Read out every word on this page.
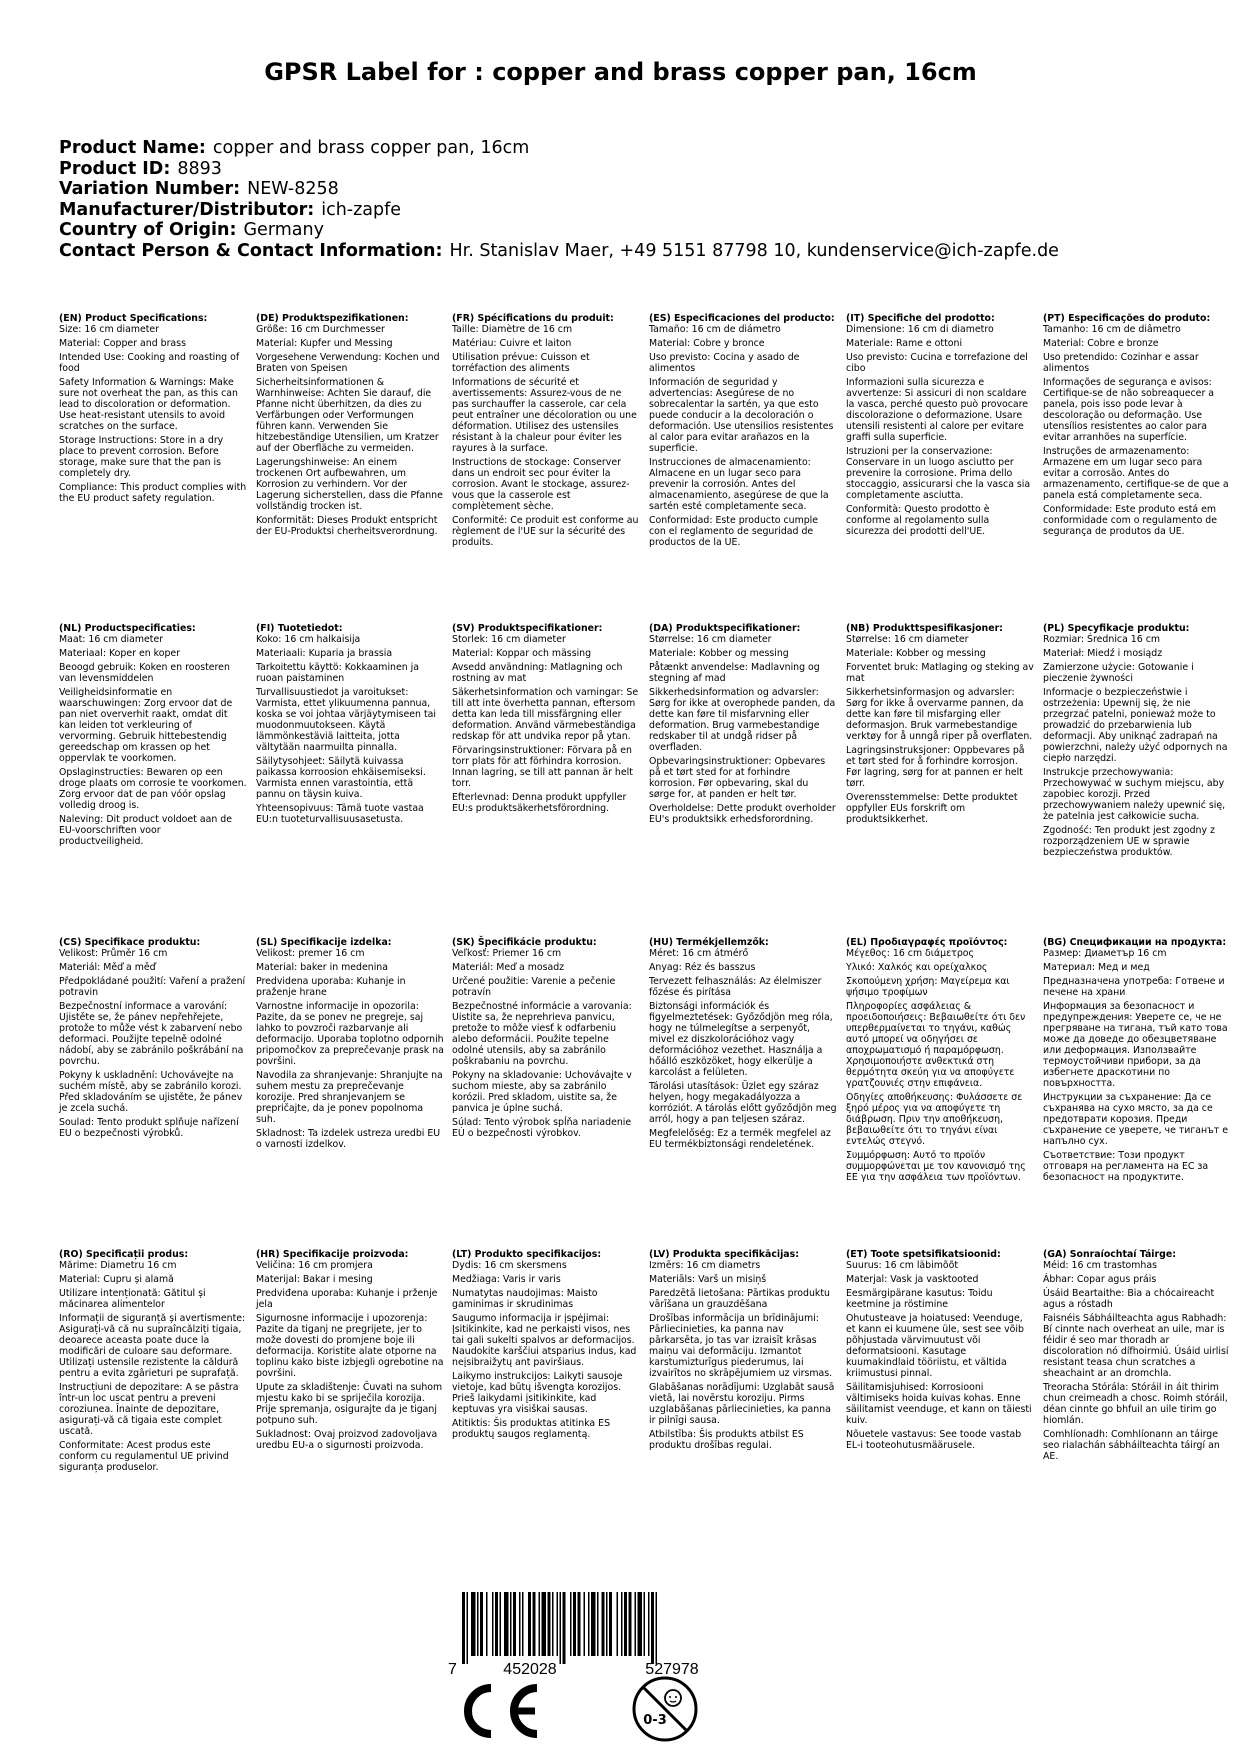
GPSR Label for : copper and brass copper pan, 16cm
Product Name: copper and brass copper pan, 16cm
Product ID: 8893
Variation Number: NEW-8258
Manufacturer/Distributor: ich-zapfe
Country of Origin: Germany
Contact Person & Contact Information: Hr. Stanislav Maer, +49 5151 87798 10, kundenservice@ich-zapfe.de
(EN) Product Specifications:
Size: 16 cm diameter
Material: Copper and brass
Intended Use: Cooking and roasting of food
Safety Information & Warnings: Make sure not overheat the pan, as this can lead to discoloration or deformation. Use heat-resistant utensils to avoid scratches on the surface.
Storage Instructions: Store in a dry place to prevent corrosion. Before storage, make sure that the pan is completely dry.
Compliance: This product complies with the EU product safety regulation.
(DE) Produktspezifikationen:
Größe: 16 cm Durchmesser
Material: Kupfer und Messing
Vorgesehene Verwendung: Kochen und Braten von Speisen
Sicherheitsinformationen & Warnhinweise: Achten Sie darauf, die Pfanne nicht überhitzen, da dies zu Verfärbungen oder Verformungen führen kann. Verwenden Sie hitzebeständige Utensilien, um Kratzer auf der Oberfläche zu vermeiden.
Lagerungshinweise: An einem trockenen Ort aufbewahren, um Korrosion zu verhindern. Vor der Lagerung sicherstellen, dass die Pfanne vollständig trocken ist.
Konformität: Dieses Produkt entspricht der EU-Produktsi cherheitsverordnung.
(FR) Spécifications du produit:
Taille: Diamètre de 16 cm
Matériau: Cuivre et laiton
Utilisation prévue: Cuisson et torréfaction des aliments
Informations de sécurité et avertissements: Assurez-vous de ne pas surchauffer la casserole, car cela peut entraîner une décoloration ou une déformation. Utilisez des ustensiles résistant à la chaleur pour éviter les rayures à la surface.
Instructions de stockage: Conserver dans un endroit sec pour éviter la corrosion. Avant le stockage, assurez-vous que la casserole est complètement sèche.
Conformité: Ce produit est conforme au règlement de l'UE sur la sécurité des produits.
(ES) Especificaciones del producto:
Tamaño: 16 cm de diámetro
Material: Cobre y bronce
Uso previsto: Cocina y asado de alimentos
Información de seguridad y advertencias: Asegúrese de no sobrecalentar la sartén, ya que esto puede conducir a la decoloración o deformación. Use utensilios resistentes al calor para evitar arañazos en la superficie.
Instrucciones de almacenamiento: Almacene en un lugar seco para prevenir la corrosión. Antes del almacenamiento, asegúrese de que la sartén esté completamente seca.
Conformidad: Este producto cumple con el reglamento de seguridad de productos de la UE.
(IT) Specifiche del prodotto:
Dimensione: 16 cm di diametro
Materiale: Rame e ottoni
Uso previsto: Cucina e torrefazione del cibo
Informazioni sulla sicurezza e avvertenze: Si assicuri di non scaldare la vasca, perché questo può provocare discolorazione o deformazione. Usare utensili resistenti al calore per evitare graffi sulla superficie.
Istruzioni per la conservazione: Conservare in un luogo asciutto per prevenire la corrosione. Prima dello stoccaggio, assicurarsi che la vasca sia completamente asciutta.
Conformità: Questo prodotto è conforme al regolamento sulla sicurezza dei prodotti dell'UE.
(PT) Especificações do produto:
Tamanho: 16 cm de diâmetro
Material: Cobre e bronze
Uso pretendido: Cozinhar e assar alimentos
Informações de segurança e avisos: Certifique-se de não sobreaquecer a panela, pois isso pode levar à descoloração ou deformação. Use utensílios resistentes ao calor para evitar arranhões na superfície.
Instruções de armazenamento: Armazene em um lugar seco para evitar a corrosão. Antes do armazenamento, certifique-se de que a panela está completamente seca.
Conformidade: Este produto está em conformidade com o regulamento de segurança de produtos da UE.
(NL) Productspecificaties:
Maat: 16 cm diameter
Materiaal: Koper en koper
Beoogd gebruik: Koken en roosteren van levensmiddelen
Veiligheidsinformatie en waarschuwingen: Zorg ervoor dat de pan niet oververhit raakt, omdat dit kan leiden tot verkleuring of vervorming. Gebruik hittebestendig gereedschap om krassen op het oppervlak te voorkomen.
Opslaginstructies: Bewaren op een droge plaats om corrosie te voorkomen. Zorg ervoor dat de pan vóór opslag volledig droog is.
Naleving: Dit product voldoet aan de EU-voorschriften voor productveiligheid.
(FI) Tuotetiedot:
Koko: 16 cm halkaisija
Materiaali: Kuparia ja brassia
Tarkoitettu käyttö: Kokkaaminen ja ruoan paistaminen
Turvallisuustiedot ja varoitukset: Varmista, ettet ylikuumenna pannua, koska se voi johtaa värjäytymiseen tai muodonmuutokseen. Käytä lämmönkestäviä laitteita, jotta vältytään naarmuilta pinnalla.
Säilytysohjeet: Säilytä kuivassa paikassa korroosion ehkäisemiseksi. Varmista ennen varastointia, että pannu on täysin kuiva.
Yhteensopivuus: Tämä tuote vastaa EU:n tuoteturvallisuusasetusta.
(SV) Produktspecifikationer:
Storlek: 16 cm diameter
Material: Koppar och mässing
Avsedd användning: Matlagning och rostning av mat
Säkerhetsinformation och varningar: Se till att inte överhetta pannan, eftersom detta kan leda till missfärgning eller deformation. Använd värmebeständiga redskap för att undvika repor på ytan.
Förvaringsinstruktioner: Förvara på en torr plats för att förhindra korrosion. Innan lagring, se till att pannan är helt torr.
Efterlevnad: Denna produkt uppfyller EU:s produktsäkerhetsförordning.
(DA) Produktspecifikationer:
Størrelse: 16 cm diameter
Materiale: Kobber og messing
Påtænkt anvendelse: Madlavning og stegning af mad
Sikkerhedsinformation og advarsler: Sørg for ikke at overophede panden, da dette kan føre til misfarvning eller deformation. Brug varmebestandige redskaber til at undgå ridser på overfladen.
Opbevaringsinstruktioner: Opbevares på et tørt sted for at forhindre korrosion. Før opbevaring, skal du sørge for, at panden er helt tør.
Overholdelse: Dette produkt overholder EU's produktsikk erhedsforordning.
(NB) Produkttspesifikasjoner:
Størrelse: 16 cm diameter
Materiale: Kobber og messing
Forventet bruk: Matlaging og steking av mat
Sikkerhetsinformasjon og advarsler: Sørg for ikke å overvarme pannen, da dette kan føre til misfarging eller deformasjon. Bruk varmebestandige verktøy for å unngå riper på overflaten.
Lagringsinstruksjoner: Oppbevares på et tørt sted for å forhindre korrosjon. Før lagring, sørg for at pannen er helt tørr.
Overensstemmelse: Dette produktet oppfyller EUs forskrift om produktsikkerhet.
(PL) Specyfikacje produktu:
Rozmiar: Średnica 16 cm
Materiał: Miedź i mosiądz
Zamierzone użycie: Gotowanie i pieczenie żywności
Informacje o bezpieczeństwie i ostrzeżenia: Upewnij się, że nie przegrzać patelni, ponieważ może to prowadzić do przebarwienia lub deformacji. Aby uniknąć zadrapań na powierzchni, należy użyć odpornych na ciepło narzędzi.
Instrukcje przechowywania: Przechowywać w suchym miejscu, aby zapobiec korozji. Przed przechowywaniem należy upewnić się, że patelnia jest całkowicie sucha.
Zgodność: Ten produkt jest zgodny z rozporządzeniem UE w sprawie bezpieczeństwa produktów.
(CS) Specifikace produktu:
Velikost: Průměr 16 cm
Materiál: Měď a měď
Předpokládané použití: Vaření a pražení potravin
Bezpečnostní informace a varování: Ujistěte se, že pánev nepřehřejete, protože to může vést k zabarvení nebo deformaci. Použijte tepelně odolné nádobí, aby se zabránilo poškrábání na povrchu.
Pokyny k uskladnění: Uchovávejte na suchém místě, aby se zabránilo korozi. Před skladováním se ujistěte, že pánev je zcela suchá.
Soulad: Tento produkt splňuje nařízení EU o bezpečnosti výrobků.
(SL) Specifikacije izdelka:
Velikost: premer 16 cm
Material: baker in medenina
Predvidena uporaba: Kuhanje in praženje hrane
Varnostne informacije in opozorila: Pazite, da se ponev ne pregreje, saj lahko to povzroči razbarvanje ali deformacijo. Uporaba toplotno odpornih pripomočkov za preprečevanje prask na površini.
Navodila za shranjevanje: Shranjujte na suhem mestu za preprečevanje korozije. Pred shranjevanjem se prepričajte, da je ponev popolnoma suh.
Skladnost: Ta izdelek ustreza uredbi EU o varnosti izdelkov.
(SK) Špecifikácie produktu:
Veľkosť: Priemer 16 cm
Materiál: Meď a mosadz
Určené použitie: Varenie a pečenie potravín
Bezpečnostné informácie a varovania: Uistite sa, že neprehrieva panvicu, pretože to môže viesť k odfarbeniu alebo deformácii. Použite tepelne odolné utensils, aby sa zabránilo poškrabaniu na povrchu.
Pokyny na skladovanie: Uchovávajte v suchom mieste, aby sa zabránilo korózii. Pred skladom, uistite sa, že panvica je úplne suchá.
Súlad: Tento výrobok spĺňa nariadenie EÚ o bezpečnosti výrobkov.
(HU) Termékjellemzők:
Méret: 16 cm átmérő
Anyag: Réz és basszus
Tervezett felhasználás: Az élelmiszer főzése és pirítása
Biztonsági információk és figyelmeztetések: Győződjön meg róla, hogy ne túlmelegítse a serpenyőt, mivel ez diszkolorációhoz vagy deformációhoz vezethet. Használja a hőálló eszközöket, hogy elkerülje a karcolást a felületen.
Tárolási utasítások: Üzlet egy száraz helyen, hogy megakadályozza a korróziót. A tárolás előtt győződjön meg arról, hogy a pan teljesen száraz.
Megfelelőség: Ez a termék megfelel az EU termékbiztonsági rendeletének.
(EL) Προδιαγραφές προϊόντος:
Μέγεθος: 16 cm διάμετρος
Υλικό: Χαλκός και ορείχαλκος
Σκοπούμενη χρήση: Μαγείρεμα και ψήσιμο τροφίμων
Πληροφορίες ασφάλειας & προειδοποιήσεις: Βεβαιωθείτε ότι δεν υπερθερμαίνεται το τηγάνι, καθώς αυτό μπορεί να οδηγήσει σε αποχρωματισμό ή παραμόρφωση. Χρησιμοποιήστε ανθεκτικά στη θερμότητα σκεύη για να αποφύγετε γρατζουνιές στην επιφάνεια.
Οδηγίες αποθήκευσης: Φυλάσσετε σε ξηρό μέρος για να αποφύγετε τη διάβρωση. Πριν την αποθήκευση, βεβαιωθείτε ότι το τηγάνι είναι εντελώς στεγνό.
Συμμόρφωση: Αυτό το προϊόν συμμορφώνεται με τον κανονισμό της ΕΕ για την ασφάλεια των προϊόντων.
(BG) Спецификации на продукта:
Размер: Диаметър 16 cm
Материал: Мед и мед
Предназначена употреба: Готвене и печене на храни
Информация за безопасност и предупреждения: Уверете се, че не прегряване на тигана, тъй като това може да доведе до обезцветяване или деформация. Използвайте термоустойчиви прибори, за да избегнете драскотини по повърхността.
Инструкции за съхранение: Да се съхранява на сухо място, за да се предотврати корозия. Преди съхранение се уверете, че тиганът е напълно сух.
Съответствие: Този продукт отговаря на регламента на ЕС за безопасност на продуктите.
(RO) Specificații produs:
Mărime: Diametru 16 cm
Material: Cupru și alamă
Utilizare intenționată: Gătitul și măcinarea alimentelor
Informații de siguranță și avertismente: Asigurați-vă că nu supraîncălziți tigaia, deoarece aceasta poate duce la modificări de culoare sau deformare. Utilizați ustensile rezistente la căldură pentru a evita zgârieturi pe suprafață.
Instrucțiuni de depozitare: A se păstra într-un loc uscat pentru a preveni coroziunea. Înainte de depozitare, asigurați-vă că tigaia este complet uscată.
Conformitate: Acest produs este conform cu regulamentul UE privind siguranța produselor.
(HR) Specifikacije proizvoda:
Veličina: 16 cm promjera
Materijal: Bakar i mesing
Predviđena uporaba: Kuhanje i prženje jela
Sigurnosne informacije i upozorenja: Pazite da tiganj ne pregrijete, jer to može dovesti do promjene boje ili deformacija. Koristite alate otporne na toplinu kako biste izbjegli ogrebotine na površini.
Upute za skladištenje: Čuvati na suhom mjestu kako bi se spriječila korozija. Prije spremanja, osigurajte da je tiganj potpuno suh.
Sukladnost: Ovaj proizvod zadovoljava uredbu EU-a o sigurnosti proizvoda.
(LT) Produkto specifikacijos:
Dydis: 16 cm skersmens
Medžiaga: Varis ir varis
Numatytas naudojimas: Maisto gaminimas ir skrudinimas
Saugumo informacija ir įspėjimai: Įsitikinkite, kad ne perkaisti visos, nes tai gali sukelti spalvos ar deformacijos. Naudokite karščiui atsparius indus, kad neįsibraižytų ant paviršiaus.
Laikymo instrukcijos: Laikyti sausoje vietoje, kad būtų išvengta korozijos. Prieš laikydami įsitikinkite, kad keptuvas yra visiškai sausas.
Atitiktis: Šis produktas atitinka ES produktų saugos reglamentą.
(LV) Produkta specifikācijas:
Izmērs: 16 cm diametrs
Materiāls: Varš un misiņš
Paredzētā lietošana: Pārtikas produktu vārīšana un grauzdēšana
Drošības informācija un brīdinājumi: Pārliecinieties, ka panna nav pārkarsēta, jo tas var izraisīt krāsas maiņu vai deformāciju. Izmantot karstumizturīgus piederumus, lai izvairītos no skrāpējumiem uz virsmas.
Glabāšanas norādījumi: Uzglabāt sausā vietā, lai novērstu koroziju. Pirms uzglabāšanas pārliecinieties, ka panna ir pilnīgi sausa.
Atbilstība: Šis produkts atbilst ES produktu drošības regulai.
(ET) Toote spetsifikatsioonid:
Suurus: 16 cm läbimõõt
Materjal: Vask ja vasktooted
Eesmärgipärane kasutus: Toidu keetmine ja röstimine
Ohutusteave ja hoiatused: Veenduge, et kann ei kuumene üle, sest see võib põhjustada värvimuutust või deformatsiooni. Kasutage kuumakindlaid tööriistu, et vältida kriimustusi pinnal.
Säilitamisjuhised: Korrosiooni vältimiseks hoida kuivas kohas. Enne säilitamist veenduge, et kann on täiesti kuiv.
Nõuetele vastavus: See toode vastab EL-i tooteohutusmäärusele.
(GA) Sonraíochtaí Táirge:
Méid: 16 cm trastomhas
Ábhar: Copar agus práis
Úsáid Beartaithe: Bia a chócaireacht agus a róstadh
Faisnéis Sábháilteachta agus Rabhadh: Bí cinnte nach overheat an uile, mar is féidir é seo mar thoradh ar discoloration nó dífhoirmiú. Úsáid uirlisí resistant teasa chun scratches a sheachaint ar an dromchla.
Treoracha Stórála: Stóráil in áit thirim chun creimeadh a chosc. Roimh stóráil, déan cinnte go bhfuil an uile tirim go hiomlán.
Comhlíonadh: Comhlíonann an táirge seo rialachán sábháilteachta táirgí an AE.
7	452028	527978
0-3
